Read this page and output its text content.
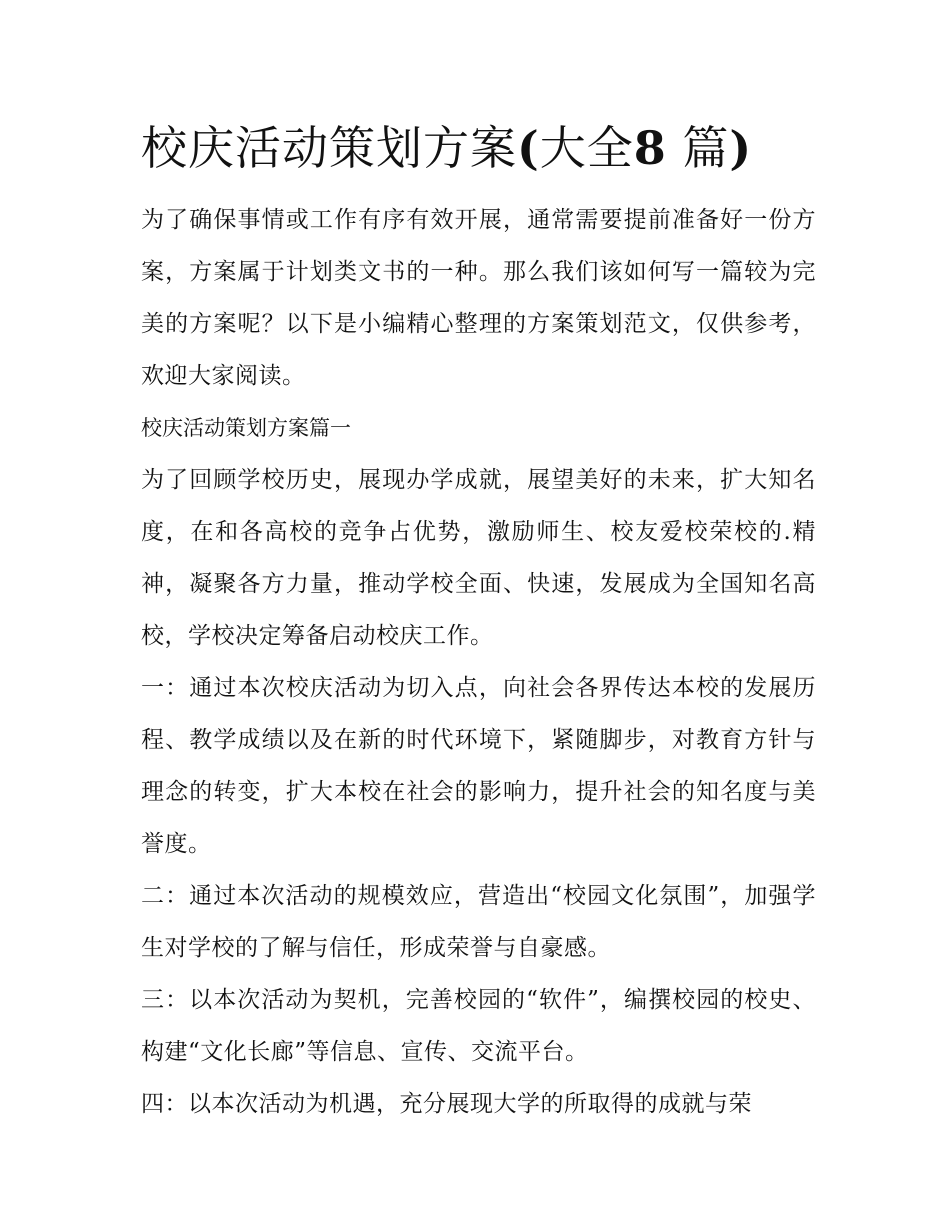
校庆活动策划方案(大全8 篇)

为了确保事情或工作有序有效开展，通常需要提前准备好一份方案，方案属于计划类文书的一种。那么我们该如何写一篇较为完美的方案呢？以下是小编精心整理的方案策划范文，仅供参考，欢迎大家阅读。

校庆活动策划方案篇一

为了回顾学校历史，展现办学成就，展望美好的未来，扩大知名度，在和各高校的竞争占优势，激励师生、校友爱校荣校的.精神，凝聚各方力量，推动学校全面、快速，发展成为全国知名高校，学校决定筹备启动校庆工作。

一：通过本次校庆活动为切入点，向社会各界传达本校的发展历程、教学成绩以及在新的时代环境下，紧随脚步，对教育方针与理念的转变，扩大本校在社会的影响力，提升社会的知名度与美誉度。

二：通过本次活动的规模效应，营造出“校园文化氛围”，加强学生对学校的了解与信任，形成荣誉与自豪感。

三：以本次活动为契机，完善校园的“软件”，编撰校园的校史、构建“文化长廊”等信息、宣传、交流平台。

四：以本次活动为机遇，充分展现大学的所取得的成就与荣
